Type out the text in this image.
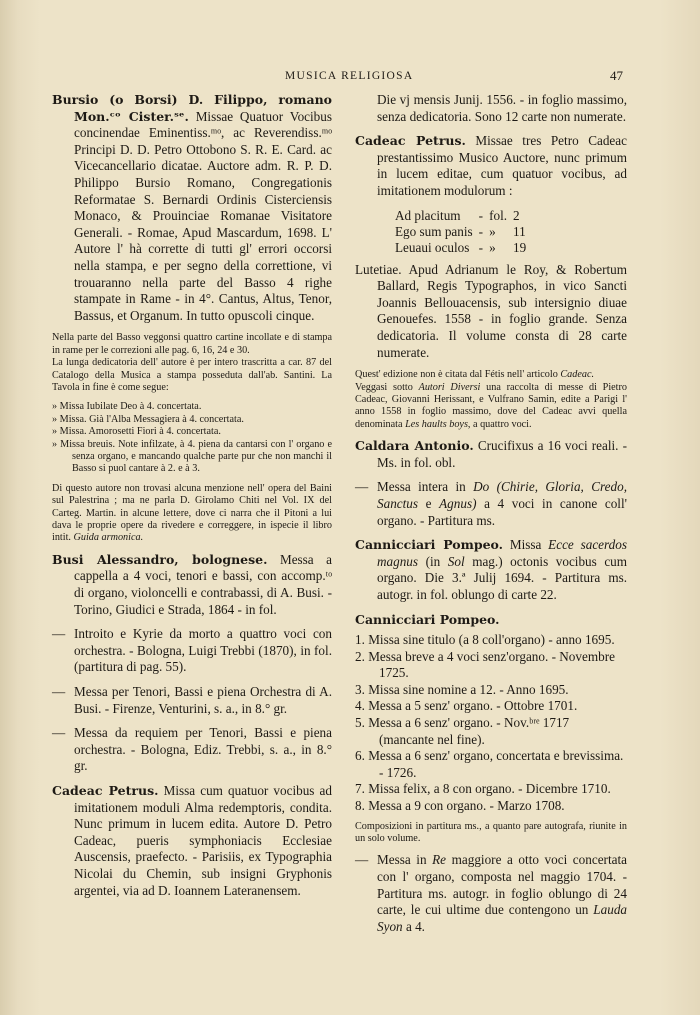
MUSICA RELIGIOSA	47

Bursio (o Borsi) D. Filippo, romano Mon.ᶜᵒ Cister.ˢᵉ. Missae Quatuor Vocibus concinendae Eminentiss.ᵐᵒ, ac Reverendiss.ᵐᵒ Principi D. D. Petro Ottobono S. R. E. Card. ac Vicecancellario dicatae. Auctore adm. R. P. D. Philippo Bursio Romano, Congregationis Reformatae S. Bernardi Ordinis Cisterciensis Monaco, & Prouinciae Romanae Visitatore Generali. - Romae, Apud Mascardum, 1698. L' Autore l' hà corrette di tutti gl' errori occorsi nella stampa, e per segno della correttione, vi trouaranno nella parte del Basso 4 righe stampate in Rame - in 4°. Cantus, Altus, Tenor, Bassus, et Organum. In tutto opuscoli cinque.

Nella parte del Basso veggonsi quattro cartine incollate e di stampa in rame per le correzioni alle pag. 6, 16, 24 e 30.

La lunga dedicatoria dell' autore è per intero trascritta a car. 87 del Catalogo della Musica a stampa posseduta dall'ab. Santini. La Tavola in fine è come segue:

» Missa Iubilate Deo à 4. concertata.

» Missa. Già l'Alba Messagiera à 4. concertata.

» Missa. Amorosetti Fiori à 4. concertata.

» Missa breuis. Note infilzate, à 4. piena da cantarsi con l' organo e senza organo, e mancando qualche parte pur che non manchi il Basso si puol cantare à 2. e à 3.

Di questo autore non trovasi alcuna menzione nell' opera del Baini sul Palestrina ; ma ne parla D. Girolamo Chiti nel Vol. IX del Carteg. Martin. in alcune lettere, dove ci narra che il Pitoni a lui dava le proprie opere da rivedere e correggere, in ispecie il libro intit. Guida armonica.

Busi Alessandro, bolognese. Messa a cappella a 4 voci, tenori e bassi, con accomp.ᵗᵒ di organo, violoncelli e contrabassi, di A. Busi. - Torino, Giudici e Strada, 1864 - in fol.

— Introito e Kyrie da morto a quattro voci con orchestra. - Bologna, Luigi Trebbi (1870), in fol. (partitura di pag. 55).

— Messa per Tenori, Bassi e piena Orchestra di A. Busi. - Firenze, Venturini, s. a., in 8.° gr.

— Messa da requiem per Tenori, Bassi e piena orchestra. - Bologna, Ediz. Trebbi, s. a., in 8.° gr.

Cadeac Petrus. Missa cum quatuor vocibus ad imitationem moduli Alma redemptoris, condita. Nunc primum in lucem edita. Autore D. Petro Cadeac, pueris symphoniacis Ecclesiae Auscensis, praefecto. - Parisiis, ex Typographia Nicolai du Chemin, sub insigni Gryphonis argentei, via ad D. Ioannem Lateranensem.

Die vj mensis Junij. 1556. - in foglio massimo, senza dedicatoria. Sono 12 carte non numerate.

Cadeac Petrus. Missae tres Petro Cadeac prestantissimo Musico Auctore, nunc primum in lucem editae, cum quatuor vocibus, ad imitationem modulorum :

Ad placitum	-	fol.	2
Ego sum panis	-	»	11
Leuaui oculos	-	»	19

Lutetiae. Apud Adrianum le Roy, & Robertum Ballard, Regis Typographos, in vico Sancti Joannis Bellouacensis, sub intersignio diuae Genouefes. 1558 - in foglio grande. Senza dedicatoria. Il volume consta di 28 carte numerate.

Quest' edizione non è citata dal Fétis nell' articolo Cadeac.

Veggasi sotto Autori Diversi una raccolta di messe di Pietro Cadeac, Giovanni Herissant, e Vulfrano Samin, edite a Parigi l' anno 1558 in foglio massimo, dove del Cadeac avvi quella denominata Les haults boys, a quattro voci.

Caldara Antonio. Crucifixus a 16 voci reali. - Ms. in fol. obl.

— Messa intera in Do (Chirie, Gloria, Credo, Sanctus e Agnus) a 4 voci in canone coll' organo. - Partitura ms.

Cannicciari Pompeo. Missa Ecce sacerdos magnus (in Sol mag.) octonis vocibus cum organo. Die 3.ª Julij 1694. - Partitura ms. autogr. in fol. oblungo di carte 22.

Cannicciari Pompeo.

1. Missa sine titulo (a 8 coll'organo) - anno 1695.
2. Messa breve a 4 voci senz'organo. - Novembre 1725.
3. Missa sine nomine a 12. - Anno 1695.
4. Messa a 5 senz' organo. - Ottobre 1701.
5. Messa a 6 senz' organo. - Nov.ᵇʳᵉ 1717 (mancante nel fine).
6. Messa a 6 senz' organo, concertata e brevissima. - 1726.
7. Missa felix, a 8 con organo. - Dicembre 1710.
8. Messa a 9 con organo. - Marzo 1708.

Composizioni in partitura ms., a quanto pare autografa, riunite in un solo volume.

— Messa in Re maggiore a otto voci concertata con l' organo, composta nel maggio 1704. - Partitura ms. autogr. in foglio oblungo di 24 carte, le cui ultime due contengono un Lauda Syon a 4.
